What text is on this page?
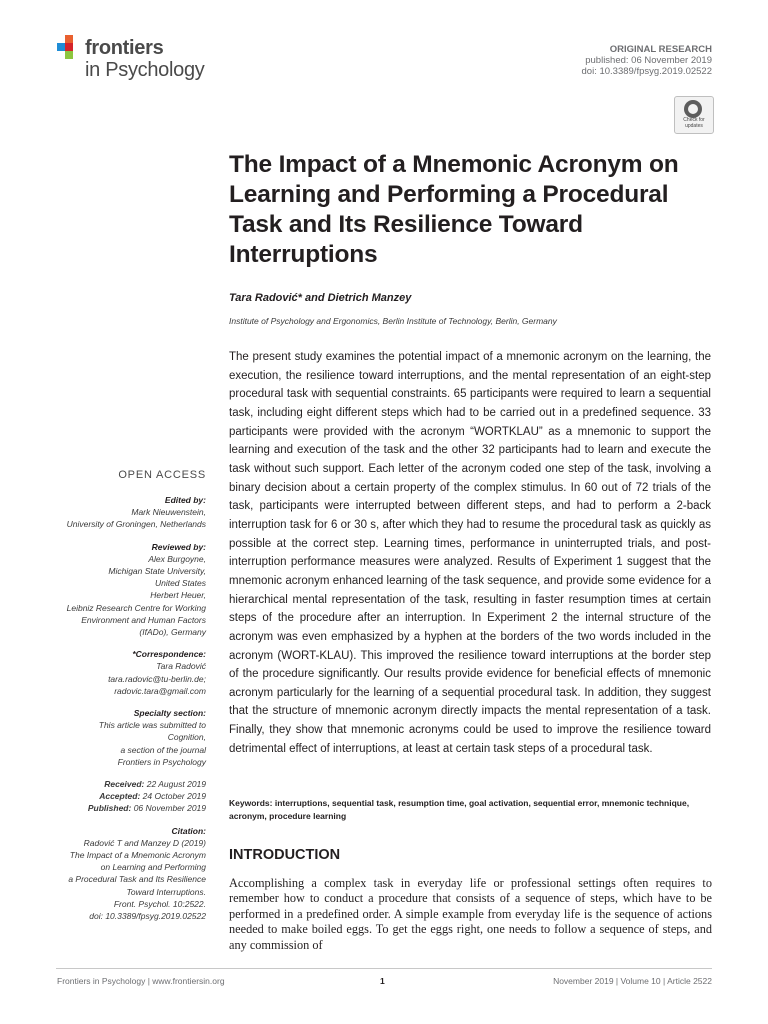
frontiers
in Psychology
ORIGINAL RESEARCH
published: 06 November 2019
doi: 10.3389/fpsyg.2019.02522
Check for updates
The Impact of a Mnemonic Acronym on Learning and Performing a Procedural Task and Its Resilience Toward Interruptions
Tara Radović* and Dietrich Manzey
Institute of Psychology and Ergonomics, Berlin Institute of Technology, Berlin, Germany
The present study examines the potential impact of a mnemonic acronym on the learning, the execution, the resilience toward interruptions, and the mental representation of an eight-step procedural task with sequential constraints. 65 participants were required to learn a sequential task, including eight different steps which had to be carried out in a predefined sequence. 33 participants were provided with the acronym “WORTKLAU” as a mnemonic to support the learning and execution of the task and the other 32 participants had to learn and execute the task without such support. Each letter of the acronym coded one step of the task, involving a binary decision about a certain property of the complex stimulus. In 60 out of 72 trials of the task, participants were interrupted between different steps, and had to perform a 2-back interruption task for 6 or 30 s, after which they had to resume the procedural task as quickly as possible at the correct step. Learning times, performance in uninterrupted trials, and post-interruption performance measures were analyzed. Results of Experiment 1 suggest that the mnemonic acronym enhanced learning of the task sequence, and provide some evidence for a hierarchical mental representation of the task, resulting in faster resumption times at certain steps of the procedure after an interruption. In Experiment 2 the internal structure of the acronym was even emphasized by a hyphen at the borders of the two words included in the acronym (WORT-KLAU). This improved the resilience toward interruptions at the border step of the procedure significantly. Our results provide evidence for beneficial effects of mnemonic acronym particularly for the learning of a sequential procedural task. In addition, they suggest that the structure of mnemonic acronym directly impacts the mental representation of a task. Finally, they show that mnemonic acronyms could be used to improve the resilience toward detrimental effect of interruptions, at least at certain task steps of a procedural task.
Keywords: interruptions, sequential task, resumption time, goal activation, sequential error, mnemonic technique, acronym, procedure learning
INTRODUCTION
Accomplishing a complex task in everyday life or professional settings often requires to remember how to conduct a procedure that consists of a sequence of steps, which have to be performed in a predefined order. A simple example from everyday life is the sequence of actions needed to make boiled eggs. To get the eggs right, one needs to follow a sequence of steps, and any commission of
OPEN ACCESS
Edited by:
Mark Nieuwenstein,
University of Groningen, Netherlands
Reviewed by:
Alex Burgoyne,
Michigan State University,
United States
Herbert Heuer,
Leibniz Research Centre for Working
Environment and Human Factors
(IfADo), Germany
*Correspondence:
Tara Radović
tara.radovic@tu-berlin.de;
radovic.tara@gmail.com
Specialty section:
This article was submitted to
Cognition,
a section of the journal
Frontiers in Psychology
Received: 22 August 2019
Accepted: 24 October 2019
Published: 06 November 2019
Citation:
Radović T and Manzey D (2019)
The Impact of a Mnemonic Acronym
on Learning and Performing
a Procedural Task and Its Resilience
Toward Interruptions.
Front. Psychol. 10:2522.
doi: 10.3389/fpsyg.2019.02522
Frontiers in Psychology | www.frontiersin.org	1	November 2019 | Volume 10 | Article 2522
